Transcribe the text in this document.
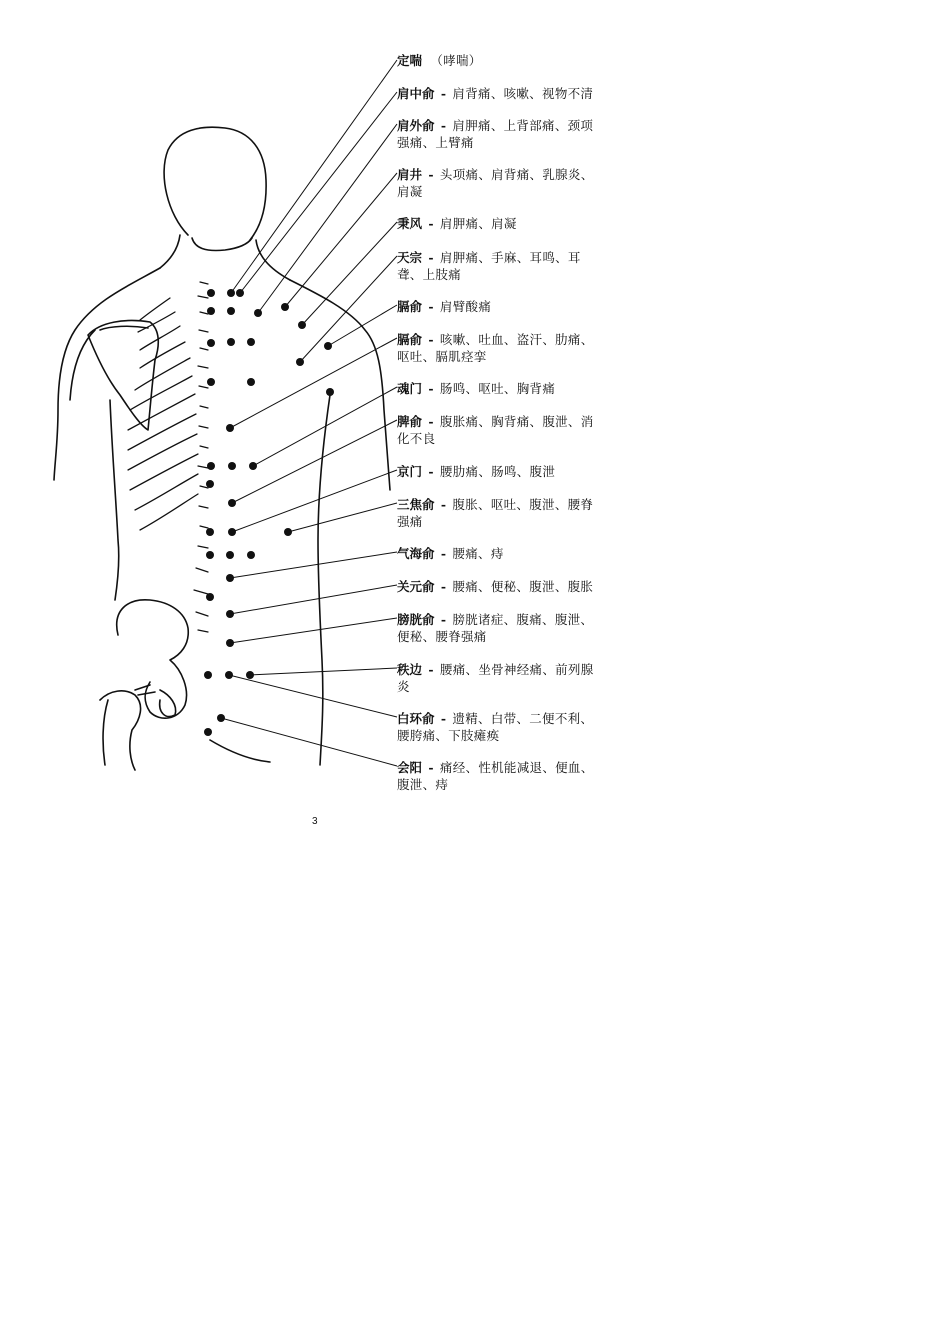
定喘 （哮喘）
肩中俞 - 肩背痛、咳嗽、视物不清
肩外俞 - 肩胛痛、上背部痛、颈项强痛、上臂痛
肩井 - 头项痛、肩背痛、乳腺炎、肩凝
秉风 - 肩胛痛、肩凝
天宗 - 肩胛痛、手麻、耳鸣、耳聋、上肢痛
膈俞 - 肩臂酸痛
膈俞 - 咳嗽、吐血、盗汗、肋痛、呕吐、膈肌痉挛
魂门 - 肠鸣、呕吐、胸背痛
脾俞 - 腹胀痛、胸背痛、腹泄、消化不良
京门 - 腰肋痛、肠鸣、腹泄
三焦俞 - 腹胀、呕吐、腹泄、腰脊强痛
气海俞 - 腰痛、痔
关元俞 - 腰痛、便秘、腹泄、腹胀
膀胱俞 - 膀胱诸症、腹痛、腹泄、便秘、腰脊强痛
秩边 - 腰痛、坐骨神经痛、前列腺炎
白环俞 - 遗精、白带、二便不利、腰胯痛、下肢瘫痪
会阳 - 痛经、性机能减退、便血、腹泄、痔
3
